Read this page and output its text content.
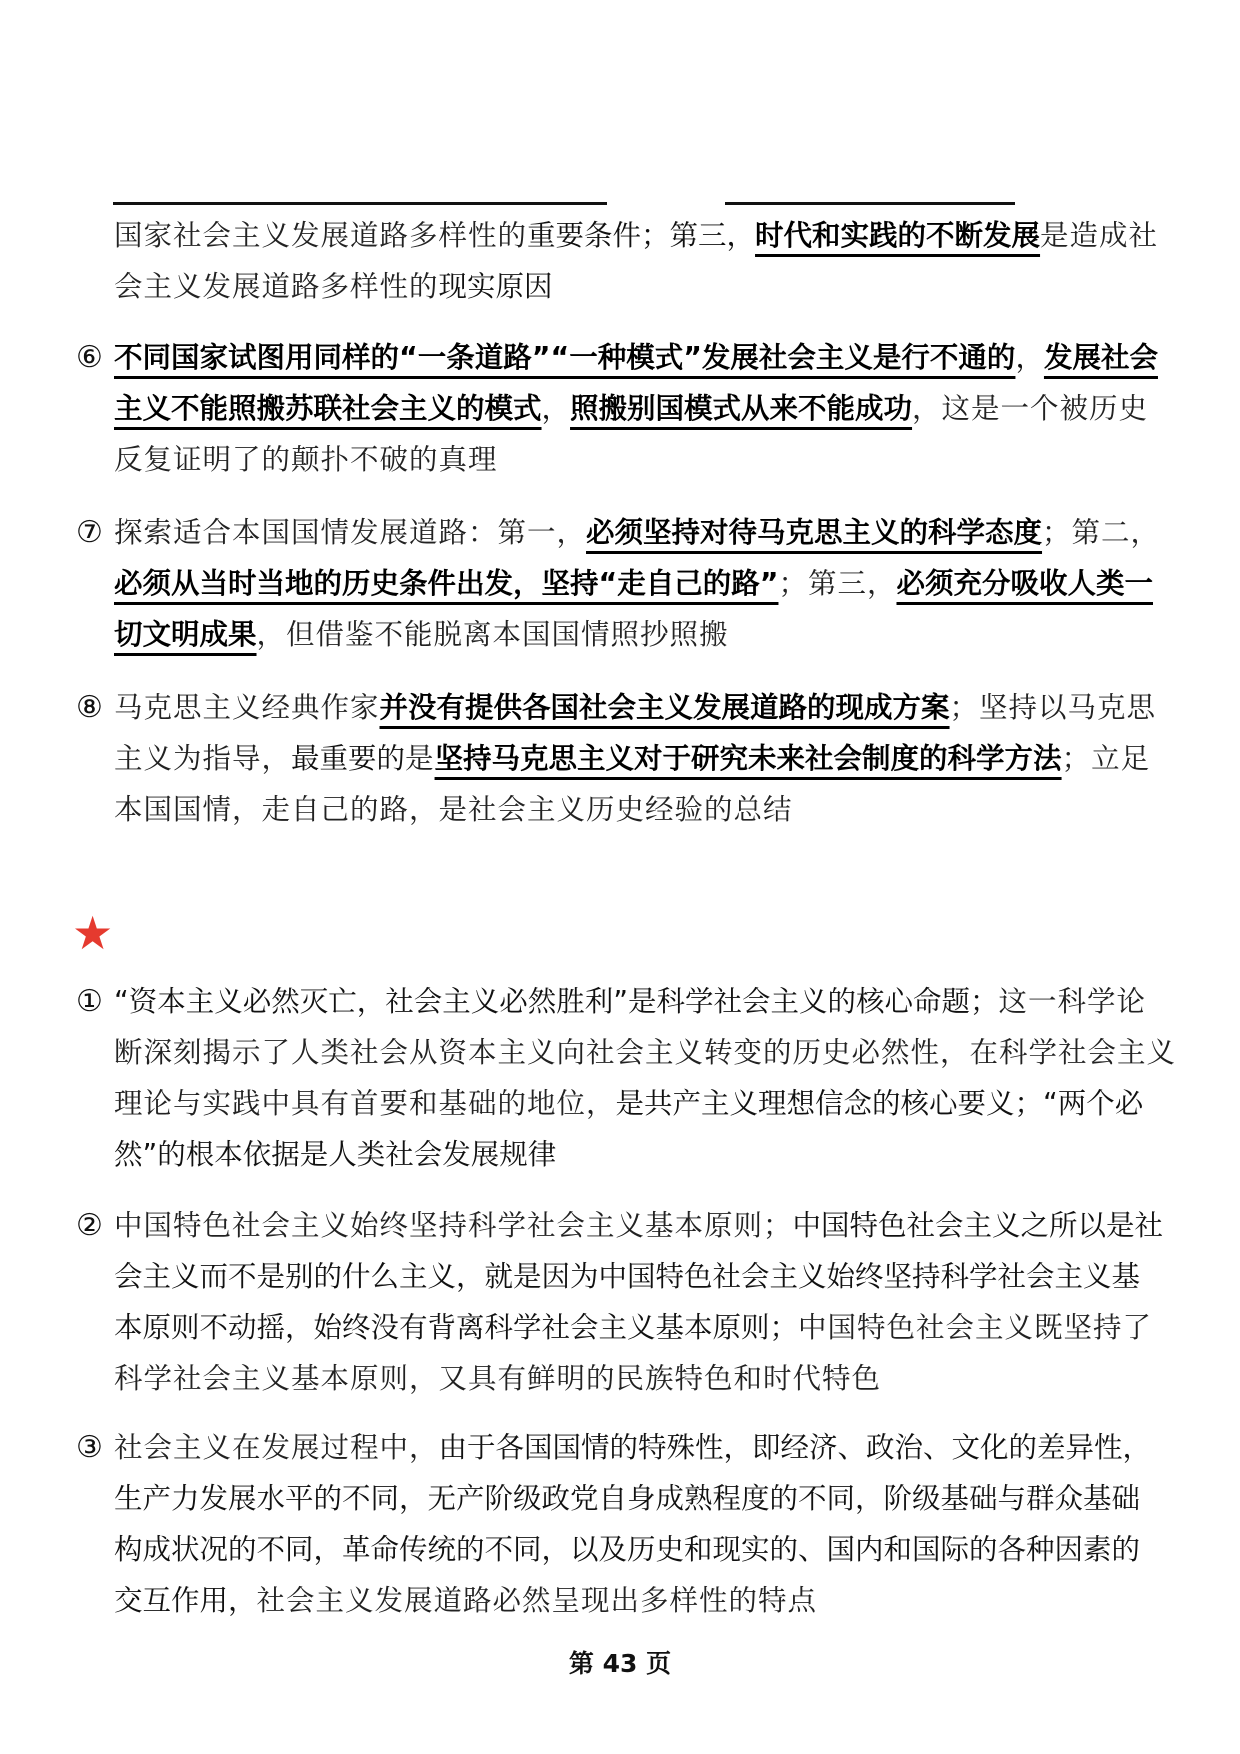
国家社会主义发展道路多样性的重要条件；第三，时代和实践的不断发展是造成社
会主义发展道路多样性的现实原因
⑥ 不同国家试图用同样的“一条道路”“一种模式”发展社会主义是行不通的，发展社会
主义不能照搬苏联社会主义的模式，照搬别国模式从来不能成功，这是一个被历史
反复证明了的颠扑不破的真理
⑦ 探索适合本国国情发展道路：第一，必须坚持对待马克思主义的科学态度；第二，
必须从当时当地的历史条件出发，坚持“走自己的路”；第三，必须充分吸收人类一
切文明成果，但借鉴不能脱离本国国情照抄照搬
⑧ 马克思主义经典作家并没有提供各国社会主义发展道路的现成方案；坚持以马克思
主义为指导，最重要的是坚持马克思主义对于研究未来社会制度的科学方法；立足
本国国情，走自己的路，是社会主义历史经验的总结
★
① “资本主义必然灭亡，社会主义必然胜利”是科学社会主义的核心命题；这一科学论
断深刻揭示了人类社会从资本主义向社会主义转变的历史必然性，在科学社会主义
理论与实践中具有首要和基础的地位，是共产主义理想信念的核心要义；“两个必
然”的根本依据是人类社会发展规律
② 中国特色社会主义始终坚持科学社会主义基本原则；中国特色社会主义之所以是社
会主义而不是别的什么主义，就是因为中国特色社会主义始终坚持科学社会主义基
本原则不动摇，始终没有背离科学社会主义基本原则；中国特色社会主义既坚持了
科学社会主义基本原则，又具有鲜明的民族特色和时代特色
③ 社会主义在发展过程中，由于各国国情的特殊性，即经济、政治、文化的差异性，
生产力发展水平的不同，无产阶级政党自身成熟程度的不同，阶级基础与群众基础
构成状况的不同，革命传统的不同，以及历史和现实的、国内和国际的各种因素的
交互作用，社会主义发展道路必然呈现出多样性的特点
第 43 页
